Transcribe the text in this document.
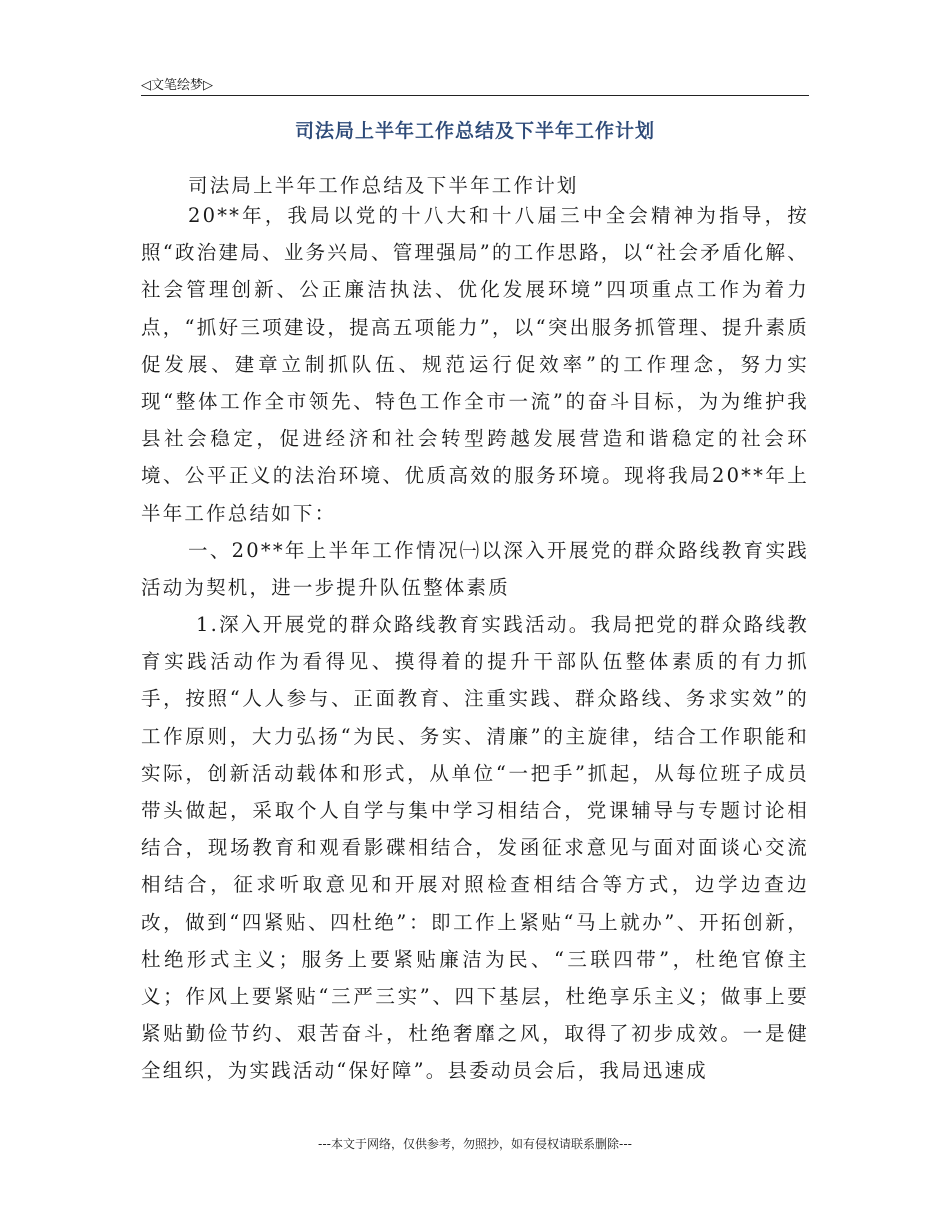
◁文笔绘梦▷
司法局上半年工作总结及下半年工作计划

司法局上半年工作总结及下半年工作计划

20**年，我局以党的十八大和十八届三中全会精神为指导，按照“政治建局、业务兴局、管理强局”的工作思路，以“社会矛盾化解、社会管理创新、公正廉洁执法、优化发展环境”四项重点工作为着力点，“抓好三项建设，提高五项能力”，以“突出服务抓管理、提升素质促发展、建章立制抓队伍、规范运行促效率”的工作理念，努力实现“整体工作全市领先、特色工作全市一流”的奋斗目标，为为维护我县社会稳定，促进经济和社会转型跨越发展营造和谐稳定的社会环境、公平正义的法治环境、优质高效的服务环境。现将我局20**年上半年工作总结如下：

一、20**年上半年工作情况㈠以深入开展党的群众路线教育实践活动为契机，进一步提升队伍整体素质

1.深入开展党的群众路线教育实践活动。我局把党的群众路线教育实践活动作为看得见、摸得着的提升干部队伍整体素质的有力抓手，按照“人人参与、正面教育、注重实践、群众路线、务求实效”的工作原则，大力弘扬“为民、务实、清廉”的主旋律，结合工作职能和实际，创新活动载体和形式，从单位“一把手”抓起，从每位班子成员带头做起，采取个人自学与集中学习相结合，党课辅导与专题讨论相结合，现场教育和观看影碟相结合，发函征求意见与面对面谈心交流相结合，征求听取意见和开展对照检查相结合等方式，边学边查边改，做到“四紧贴、四杜绝”：即工作上紧贴“马上就办”、开拓创新，杜绝形式主义；服务上要紧贴廉洁为民、“三联四带”，杜绝官僚主义；作风上要紧贴“三严三实”、四下基层，杜绝享乐主义；做事上要紧贴勤俭节约、艰苦奋斗，杜绝奢靡之风，取得了初步成效。一是健全组织，为实践活动“保好障”。县委动员会后，我局迅速成

---本文于网络，仅供参考，勿照抄，如有侵权请联系删除---
